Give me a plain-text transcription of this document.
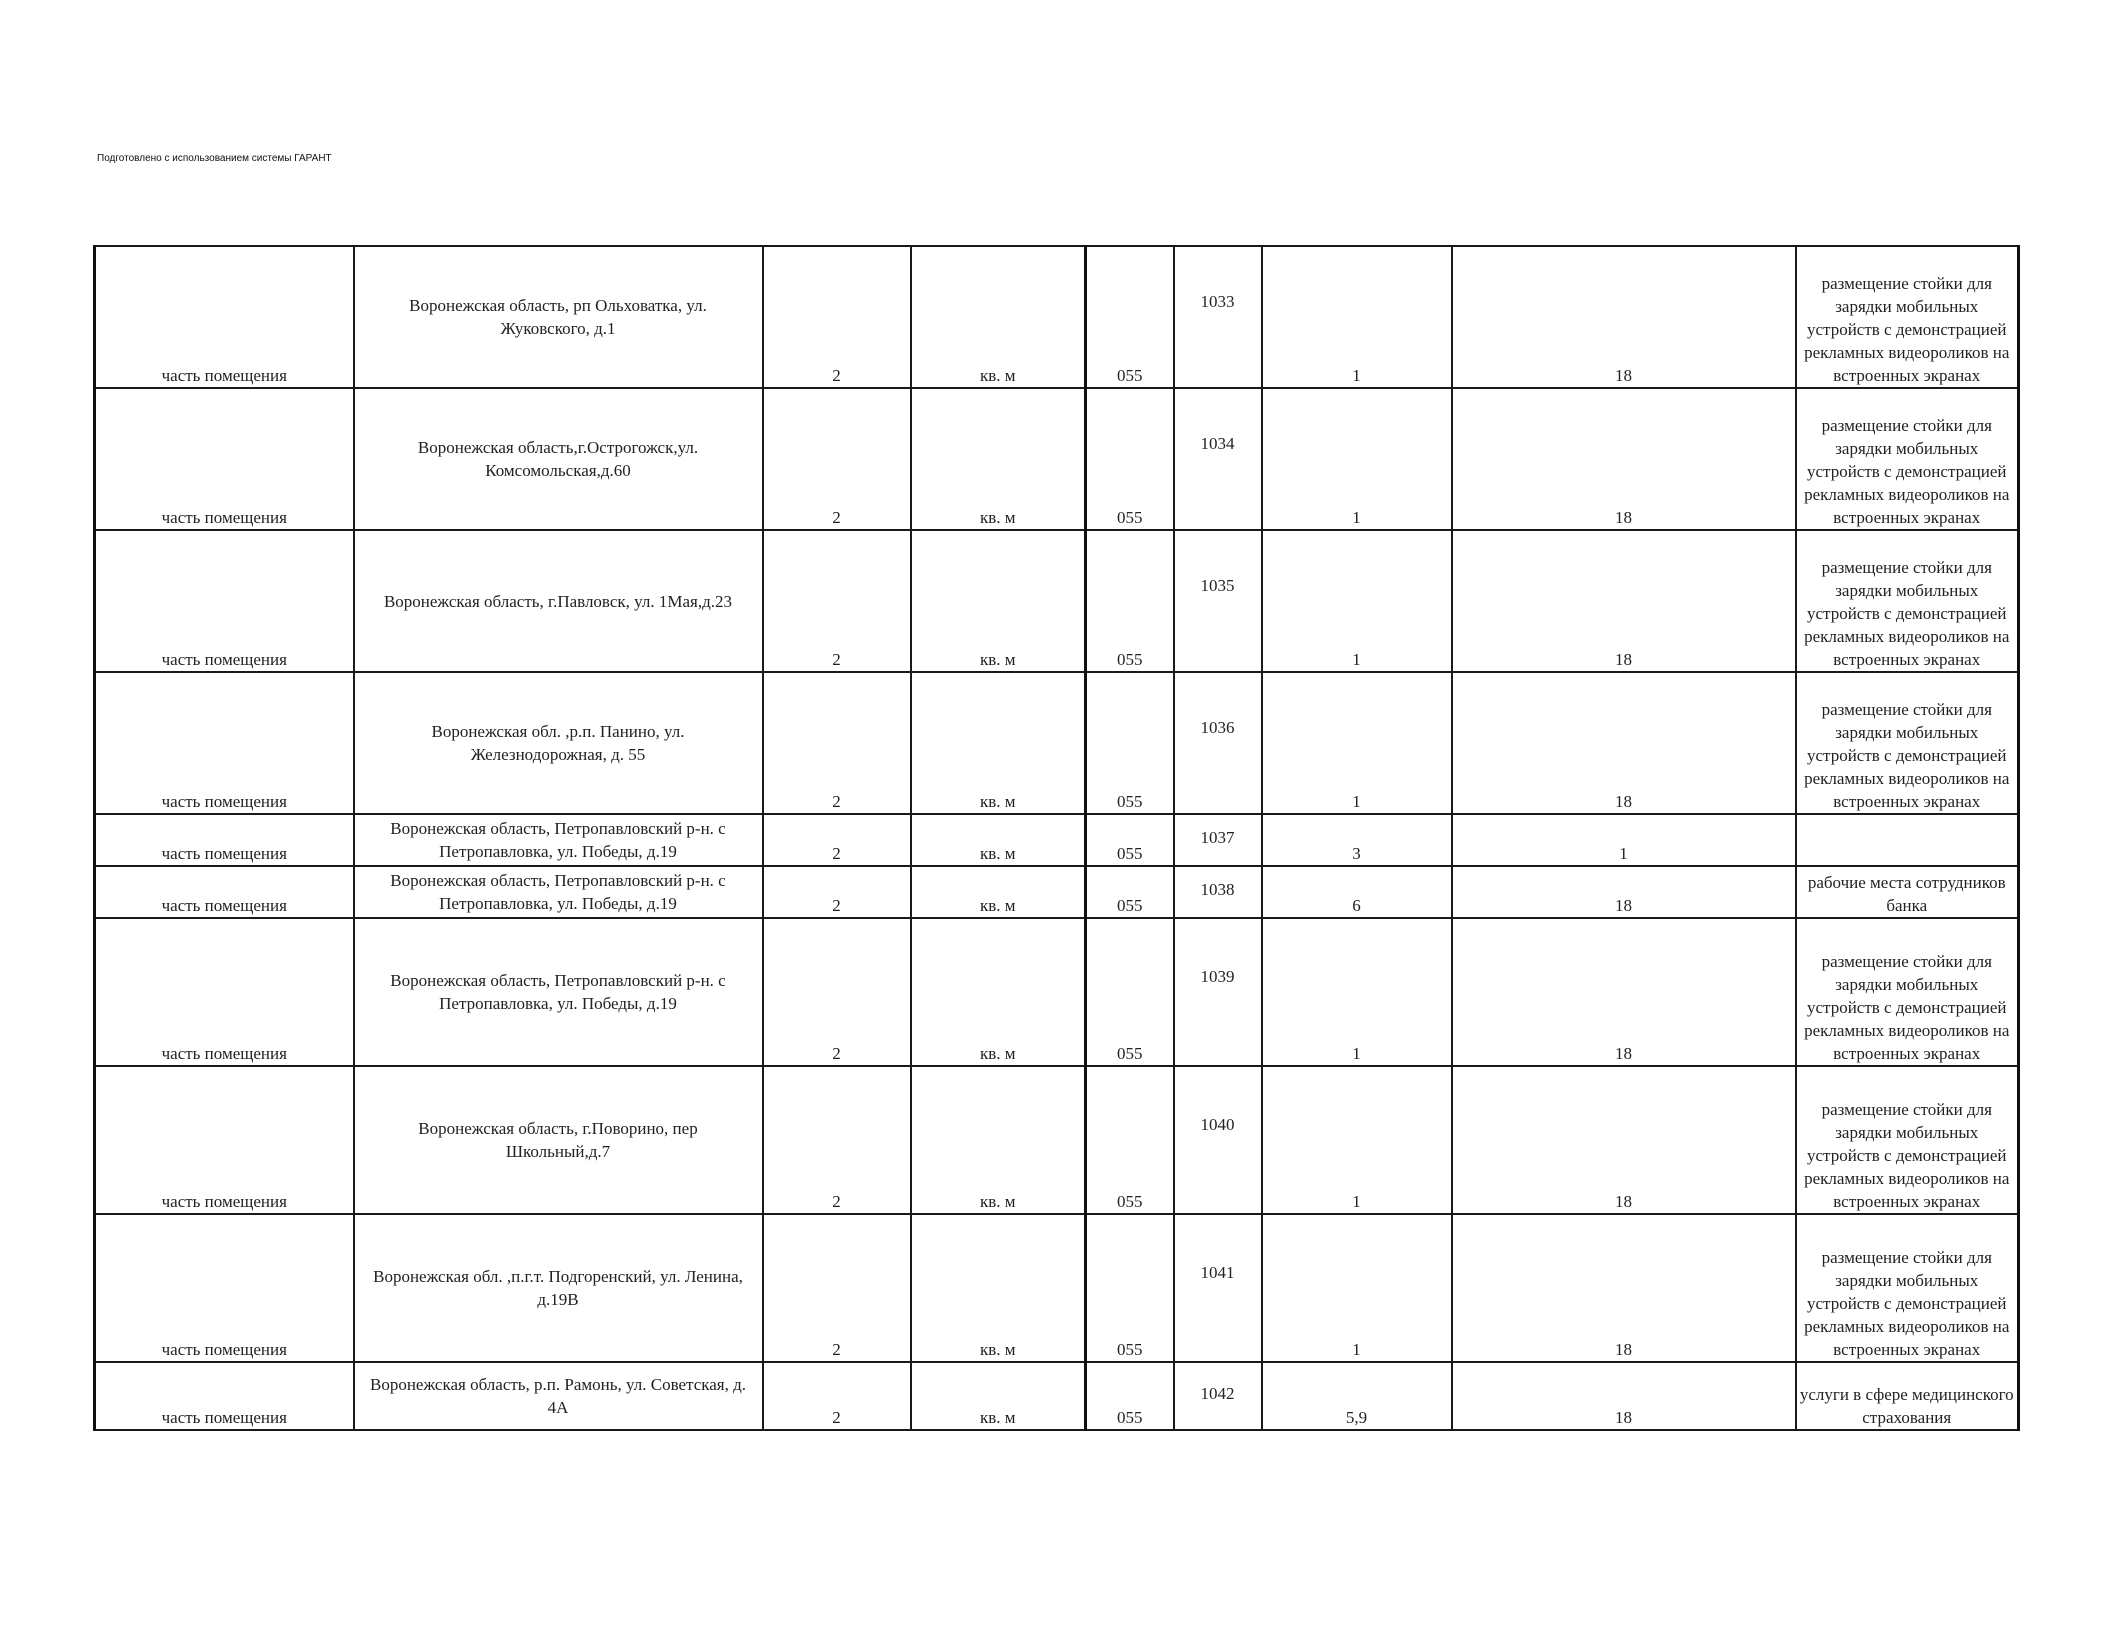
Подготовлено с использованием системы ГАРАНТ
часть помещения	Воронежская область, рп Ольховатка, ул. Жуковского, д.1	2	кв. м	055	1033	1	18	размещение стойки для зарядки мобильных устройств с демонстрацией рекламных видеороликов на встроенных экранах
часть помещения	Воронежская область,г.Острогожск,ул. Комсомольская,д.60	2	кв. м	055	1034	1	18	размещение стойки для зарядки мобильных устройств с демонстрацией рекламных видеороликов на встроенных экранах
часть помещения	Воронежская область, г.Павловск, ул. 1Мая,д.23	2	кв. м	055	1035	1	18	размещение стойки для зарядки мобильных устройств с демонстрацией рекламных видеороликов на встроенных экранах
часть помещения	Воронежская обл. ,р.п. Панино, ул. Железнодорожная, д. 55	2	кв. м	055	1036	1	18	размещение стойки для зарядки мобильных устройств с демонстрацией рекламных видеороликов на встроенных экранах
часть помещения	Воронежская область, Петропавловский р-н. с Петропавловка, ул. Победы, д.19	2	кв. м	055	1037	3	1	
часть помещения	Воронежская область, Петропавловский р-н. с Петропавловка, ул. Победы, д.19	2	кв. м	055	1038	6	18	рабочие места сотрудников банка
часть помещения	Воронежская область, Петропавловский р-н. с Петропавловка, ул. Победы, д.19	2	кв. м	055	1039	1	18	размещение стойки для зарядки мобильных устройств с демонстрацией рекламных видеороликов на встроенных экранах
часть помещения	Воронежская область, г.Поворино, пер Школьный,д.7	2	кв. м	055	1040	1	18	размещение стойки для зарядки мобильных устройств с демонстрацией рекламных видеороликов на встроенных экранах
часть помещения	Воронежская обл. ,п.г.т. Подгоренский, ул. Ленина, д.19В	2	кв. м	055	1041	1	18	размещение стойки для зарядки мобильных устройств с демонстрацией рекламных видеороликов на встроенных экранах
часть помещения	Воронежская область, р.п. Рамонь, ул. Советская, д. 4А	2	кв. м	055	1042	5,9	18	услуги в сфере медицинского страхования
